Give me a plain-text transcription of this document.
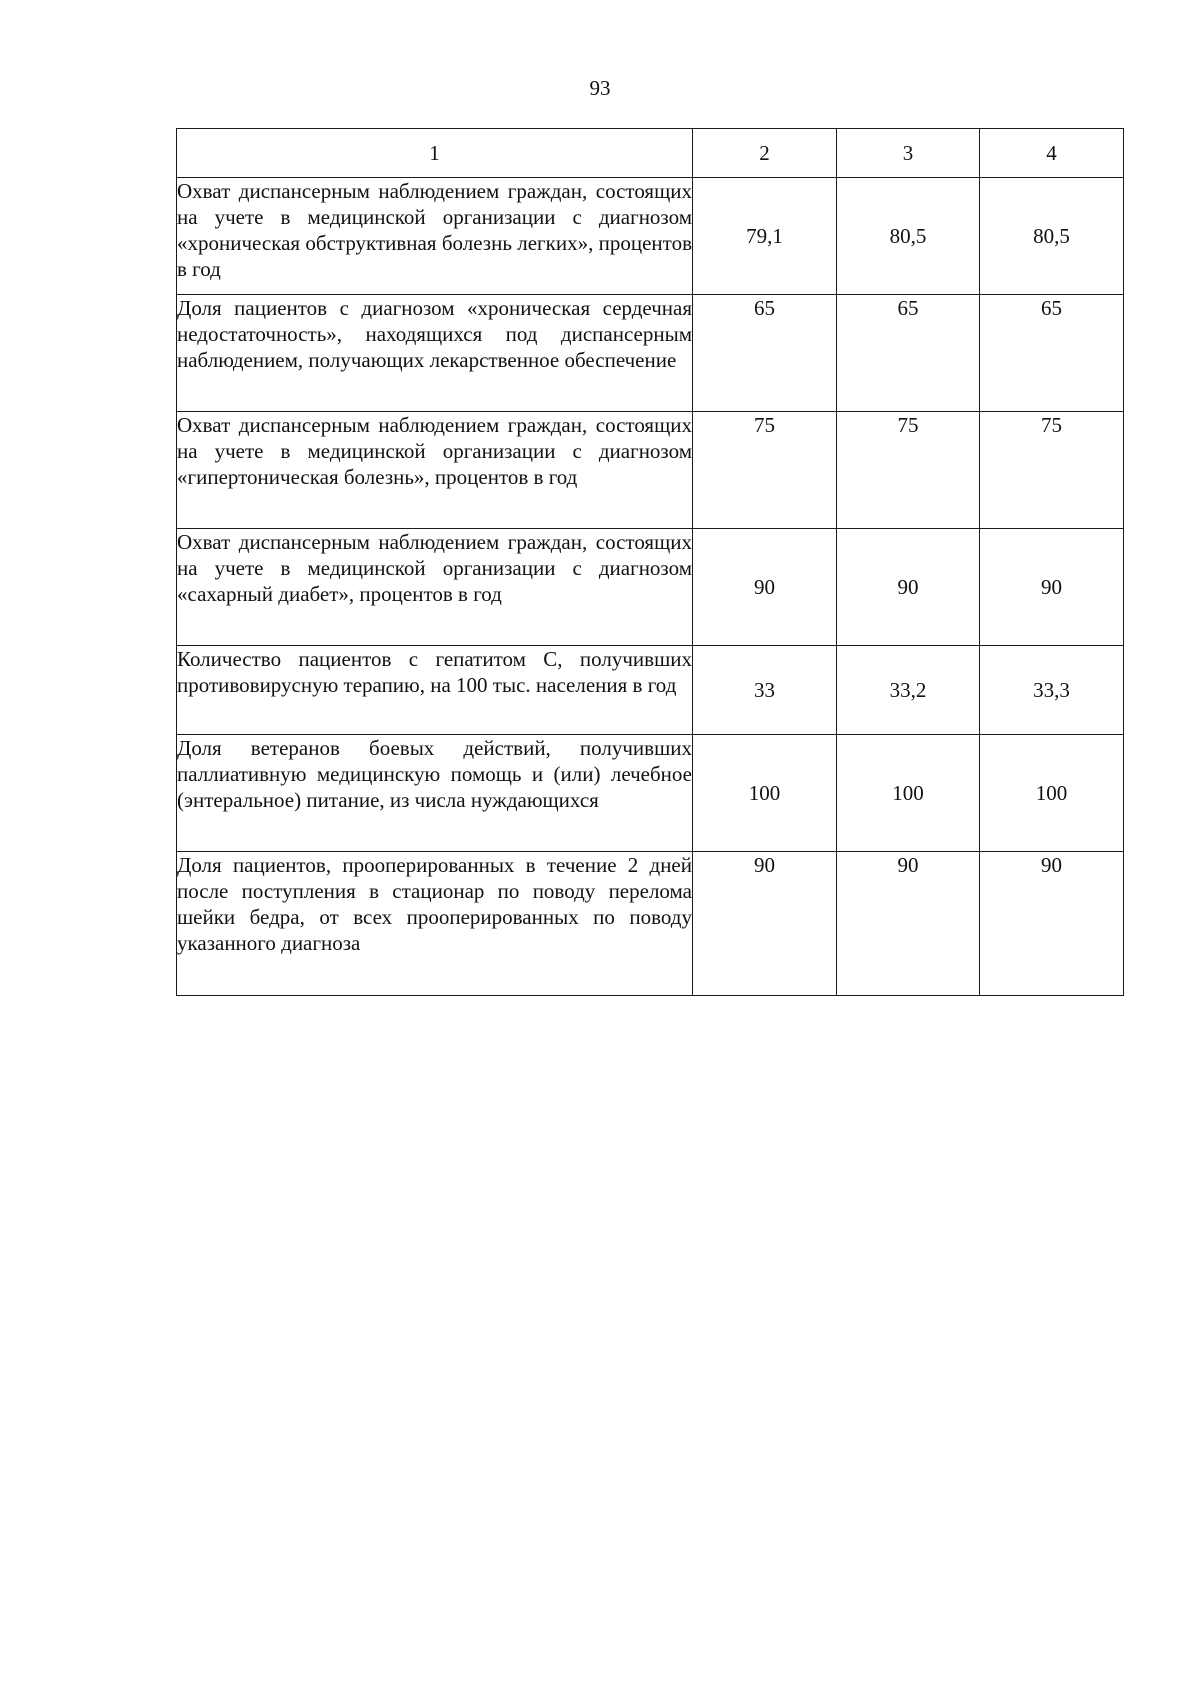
93
1	2	3	4
Охват диспансерным наблюдением граждан, состоящих на учете в медицинской организации с диагнозом «хроническая обструктивная болезнь легких», процентов в год	79,1	80,5	80,5
Доля пациентов с диагнозом «хроническая сердечная недостаточность», находящихся под диспансерным наблюдением, получающих лекарственное обеспечение	65	65	65
Охват диспансерным наблюдением граждан, состоящих на учете в медицинской организации с диагнозом «гипертоническая болезнь», процентов в год	75	75	75
Охват диспансерным наблюдением граждан, состоящих на учете в медицинской организации с диагнозом «сахарный диабет», процентов в год	90	90	90
Количество пациентов с гепатитом С, получивших противовирусную терапию, на 100 тыс. населения в год	33	33,2	33,3
Доля ветеранов боевых действий, получивших паллиативную медицинскую помощь и (или) лечебное (энтеральное) питание, из числа нуждающихся	100	100	100
Доля пациентов, прооперированных в течение 2 дней после поступления в стационар по поводу перелома шейки бедра, от всех прооперированных по поводу указанного диагноза	90	90	90
